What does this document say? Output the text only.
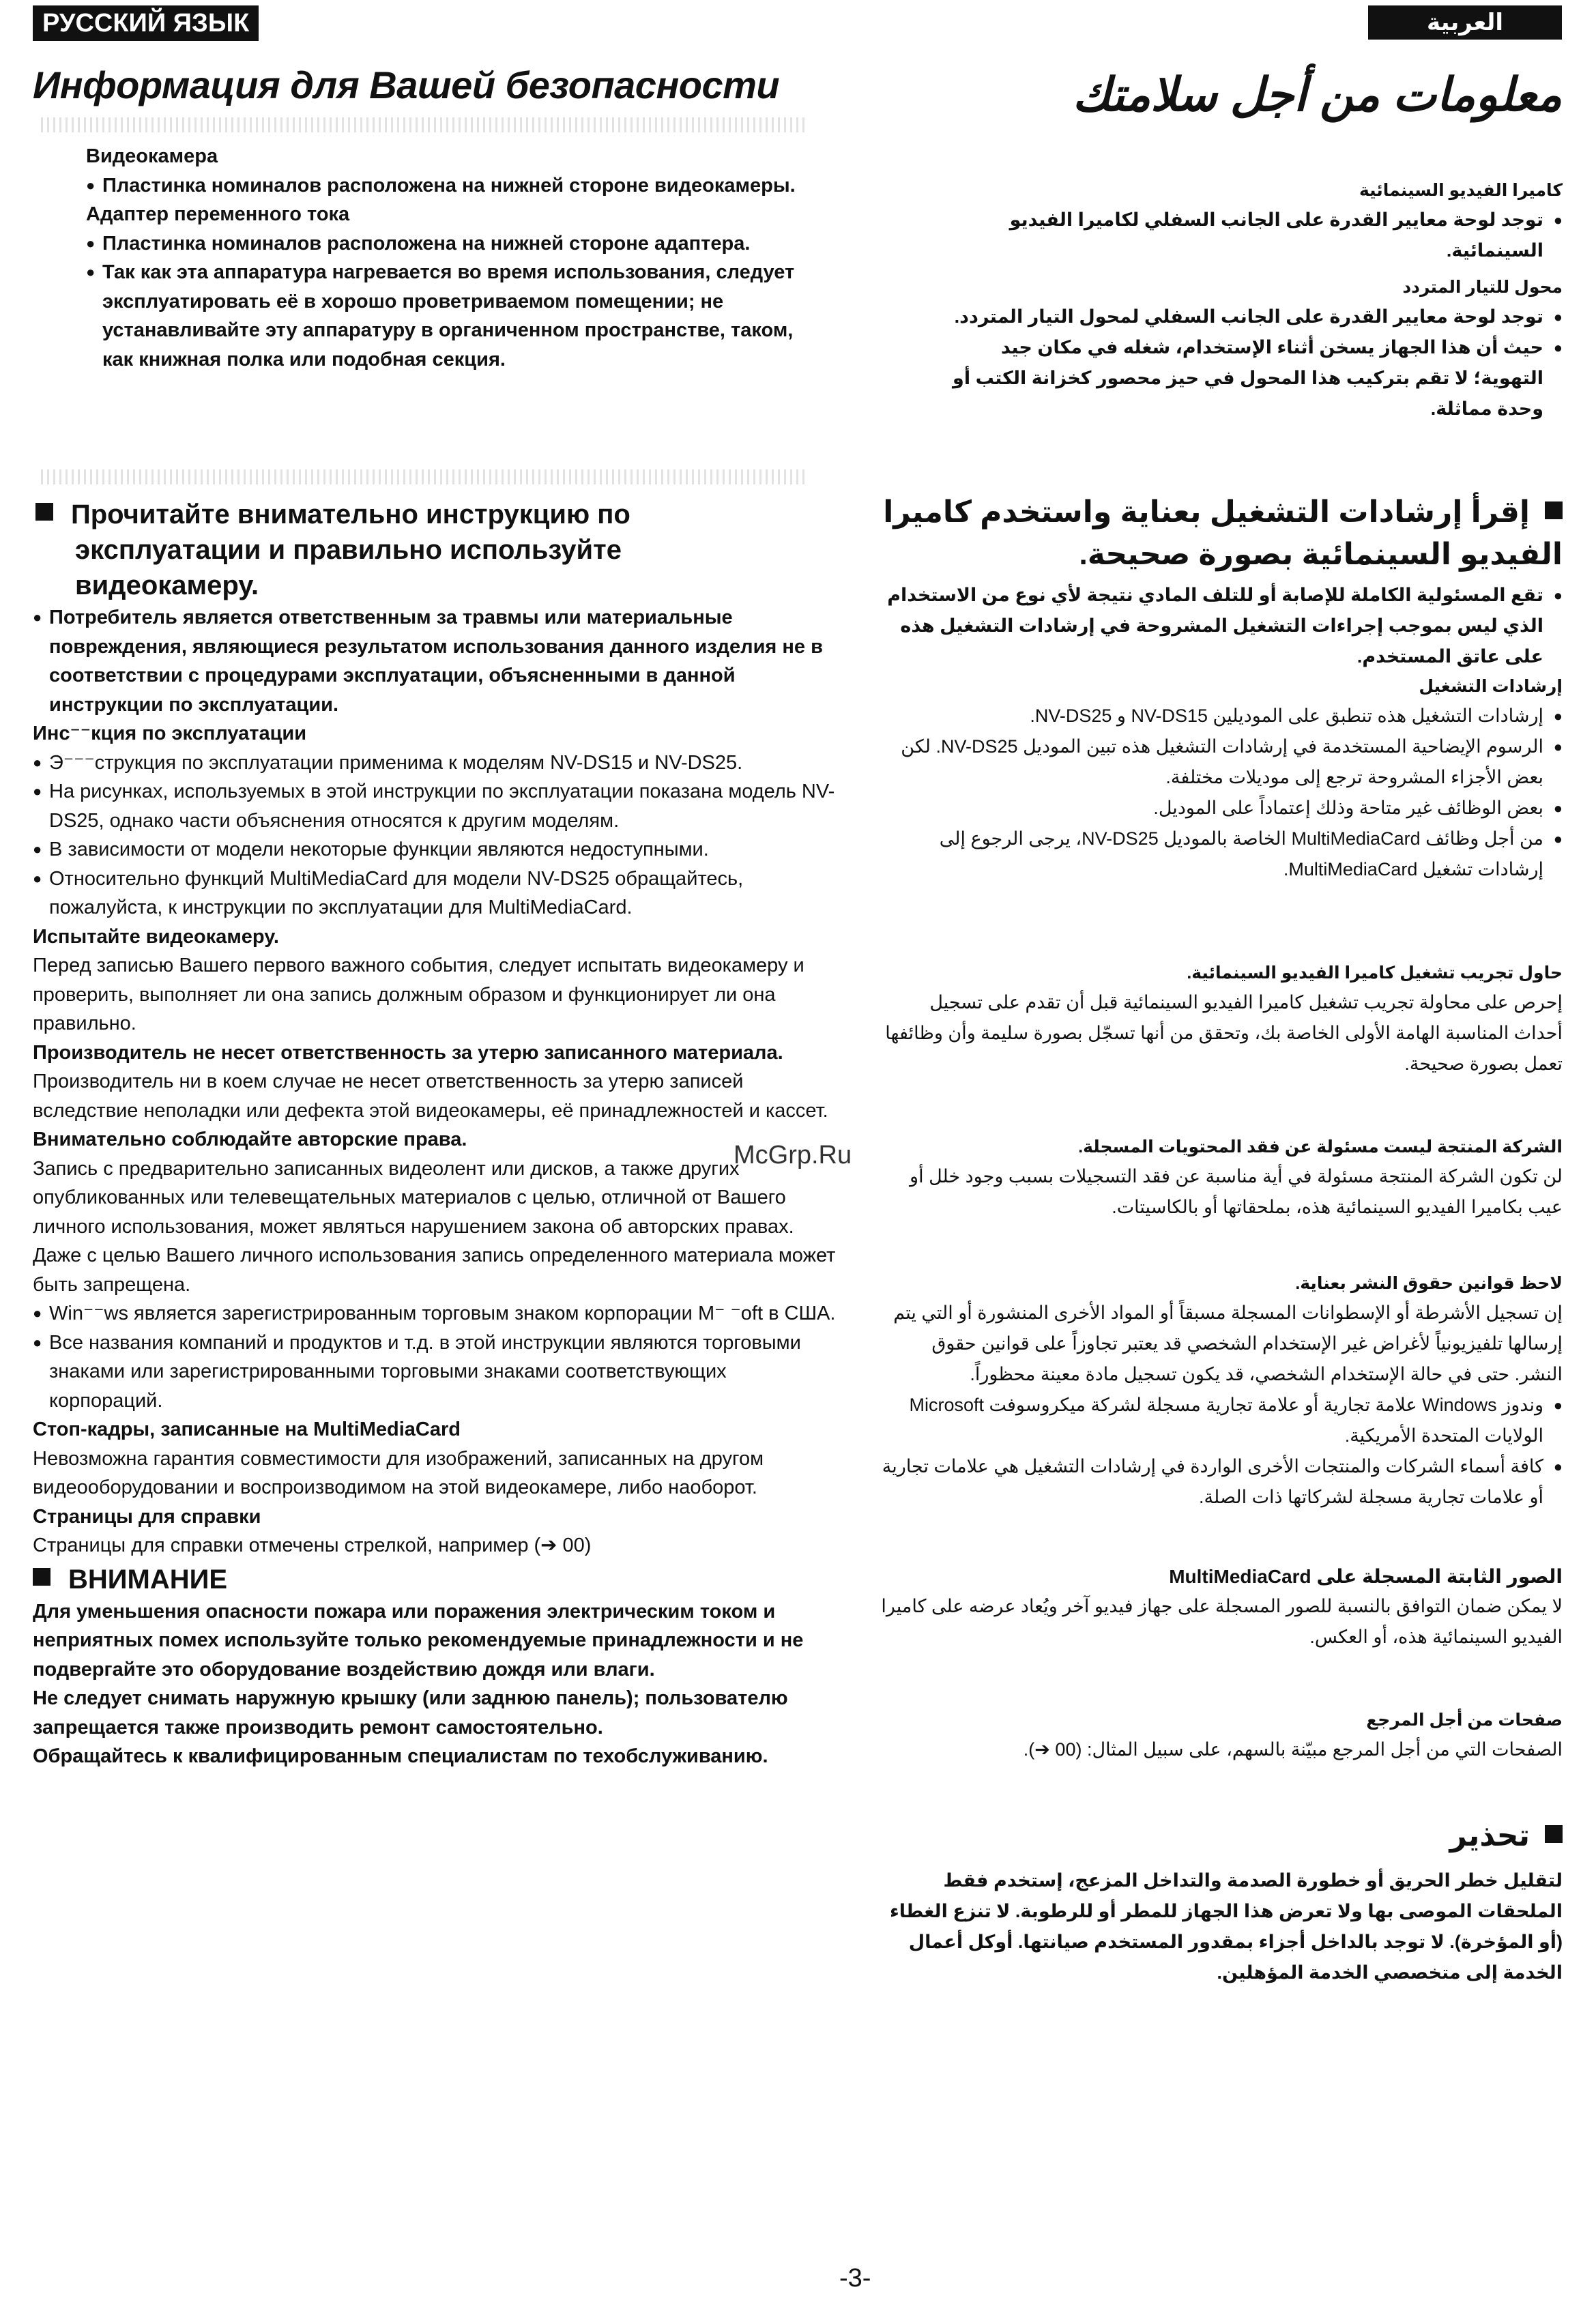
РУССКИЙ ЯЗЫК	العربية
Информация для Вашей безопасности	معلومات من أجل سلامتك

Видеокамера

● Пластинка номиналов расположена на нижней стороне видеокамеры.

Адаптер переменного тока

● Пластинка номиналов расположена на нижней стороне адаптера.

● Так как эта аппаратура нагревается во время использования, следует эксплуатировать её в хорошо проветриваемом помещении; не устанавливайте эту аппаратуру в органиченном пространстве, таком, как книжная полка или подобная секция.

Прочитайте внимательно инструкцию по эксплуатации и правильно используйте видеокамеру.

● Потребитель является ответственным за травмы или материальные повреждения, являющиеся результатом использования данного изделия не в соответствии с процедурами эксплуатации, объясненными в данной инструкции по эксплуатации.

Инс⁻⁻кция по эксплуатации

● Э⁻⁻⁻струкция по эксплуатации применима к моделям NV-DS15 и NV-DS25.

● На рисунках, используемых в этой инструкции по эксплуатации показана модель NV-DS25, однако части объяснения относятся к другим моделям.

● В зависимости от модели некоторые функции являются недоступными.

● Относительно функций MultiMediaCard для модели NV-DS25 обращайтесь, пожалуйста, к инструкции по эксплуатации для MultiMediaCard.

Испытайте видеокамеру.

Перед записью Вашего первого важного события, следует испытать видеокамеру и проверить, выполняет ли она запись должным образом и функционирует ли она правильно.

Производитель не несет ответственность за утерю записанного материала.

Производитель ни в коем случае не несет ответственность за утерю записей вследствие неполадки или дефекта этой видеокамеры, её принадлежностей и кассет.

Внимательно соблюдайте авторские права.

Запись с предварительно записанных видеолент или дисков, а также других опубликованных или телевещательных материалов с целью, отличной от Вашего личного использования, может являться нарушением закона об авторских правах. Даже с целью Вашего личного использования запись определенного материала может быть запрещена.

● Win⁻⁻ws является зарегистрированным торговым знаком корпорации M⁻ ⁻oft в США.

● Все названия компаний и продуктов и т.д. в этой инструкции являются торговыми знаками или зарегистрированными торговыми знаками соответствующих корпораций.

Стоп-кадры, записанные на MultiMediaCard

Невозможна гарантия совместимости для изображений, записанных на другом видеооборудовании и воспроизводимом на этой видеокамере, либо наоборот.

Страницы для справки

Страницы для справки отмечены стрелкой, например (➔ 00)

ВНИМАНИЕ

Для уменьшения опасности пожара или поражения электрическим током и неприятных помех используйте только рекомендуемые принадлежности и не подвергайте это оборудование воздействию дождя или влаги.

Не следует снимать наружную крышку (или заднюю панель); пользователю запрещается также производить ремонт самостоятельно.

Обращайтесь к квалифицированным специалистам по техобслуживанию.

كاميرا الفيديو السينمائية

● توجد لوحة معايير القدرة على الجانب السفلي لكاميرا الفيديو السينمائية.

محول للتيار المتردد

● توجد لوحة معايير القدرة على الجانب السفلي لمحول التيار المتردد.

● حيث أن هذا الجهاز يسخن أثناء الإستخدام، شغله في مكان جيد التهوية؛ لا تقم بتركيب هذا المحول في حيز محصور كخزانة الكتب أو وحدة مماثلة.

إقرأ إرشادات التشغيل بعناية واستخدم كاميرا الفيديو السينمائية بصورة صحيحة.

● تقع المسئولية الكاملة للإصابة أو للتلف المادي نتيجة لأي نوع من الاستخدام الذي ليس بموجب إجراءات التشغيل المشروحة في إرشادات التشغيل هذه على عاتق المستخدم.

إرشادات التشغيل

● إرشادات التشغيل هذه تنطبق على الموديلين NV-DS15 و NV-DS25.

● الرسوم الإيضاحية المستخدمة في إرشادات التشغيل هذه تبين الموديل NV-DS25. لكن بعض الأجزاء المشروحة ترجع إلى موديلات مختلفة.

● بعض الوظائف غير متاحة وذلك إعتماداً على الموديل.

● من أجل وظائف MultiMediaCard الخاصة بالموديل NV-DS25، يرجى الرجوع إلى إرشادات تشغيل MultiMediaCard.

حاول تجريب تشغيل كاميرا الفيديو السينمائية.

إحرص على محاولة تجريب تشغيل كاميرا الفيديو السينمائية قبل أن تقدم على تسجيل أحداث المناسبة الهامة الأولى الخاصة بك، وتحقق من أنها تسجّل بصورة سليمة وأن وظائفها تعمل بصورة صحيحة.

الشركة المنتجة ليست مسئولة عن فقد المحتويات المسجلة.

لن تكون الشركة المنتجة مسئولة في أية مناسبة عن فقد التسجيلات بسبب وجود خلل أو عيب بكاميرا الفيديو السينمائية هذه، بملحقاتها أو بالكاسيتات.

لاحظ قوانين حقوق النشر بعناية.

إن تسجيل الأشرطة أو الإسطوانات المسجلة مسبقاً أو المواد الأخرى المنشورة أو التي يتم إرسالها تلفيزيونياً لأغراض غير الإستخدام الشخصي قد يعتبر تجاوزاً على قوانين حقوق النشر. حتى في حالة الإستخدام الشخصي، قد يكون تسجيل مادة معينة محظوراً.

● وندوز Windows علامة تجارية أو علامة تجارية مسجلة لشركة ميكروسوفت Microsoft الولايات المتحدة الأمريكية.

● كافة أسماء الشركات والمنتجات الأخرى الواردة في إرشادات التشغيل هي علامات تجارية أو علامات تجارية مسجلة لشركاتها ذات الصلة.

الصور الثابتة المسجلة على MultiMediaCard

لا يمكن ضمان التوافق بالنسبة للصور المسجلة على جهاز فيديو آخر ويُعاد عرضه على كاميرا الفيديو السينمائية هذه، أو العكس.

صفحات من أجل المرجع

الصفحات التي من أجل المرجع مبيّنة بالسهم، على سبيل المثال: (00 ➔).

تحذير

لتقليل خطر الحريق أو خطورة الصدمة والتداخل المزعج، إستخدم فقط الملحقات الموصى بها ولا تعرض هذا الجهاز للمطر أو للرطوبة. لا تنزع الغطاء (أو المؤخرة). لا توجد بالداخل أجزاء بمقدور المستخدم صيانتها. أوكل أعمال الخدمة إلى متخصصي الخدمة المؤهلين.

McGrp.Ru
-3-
